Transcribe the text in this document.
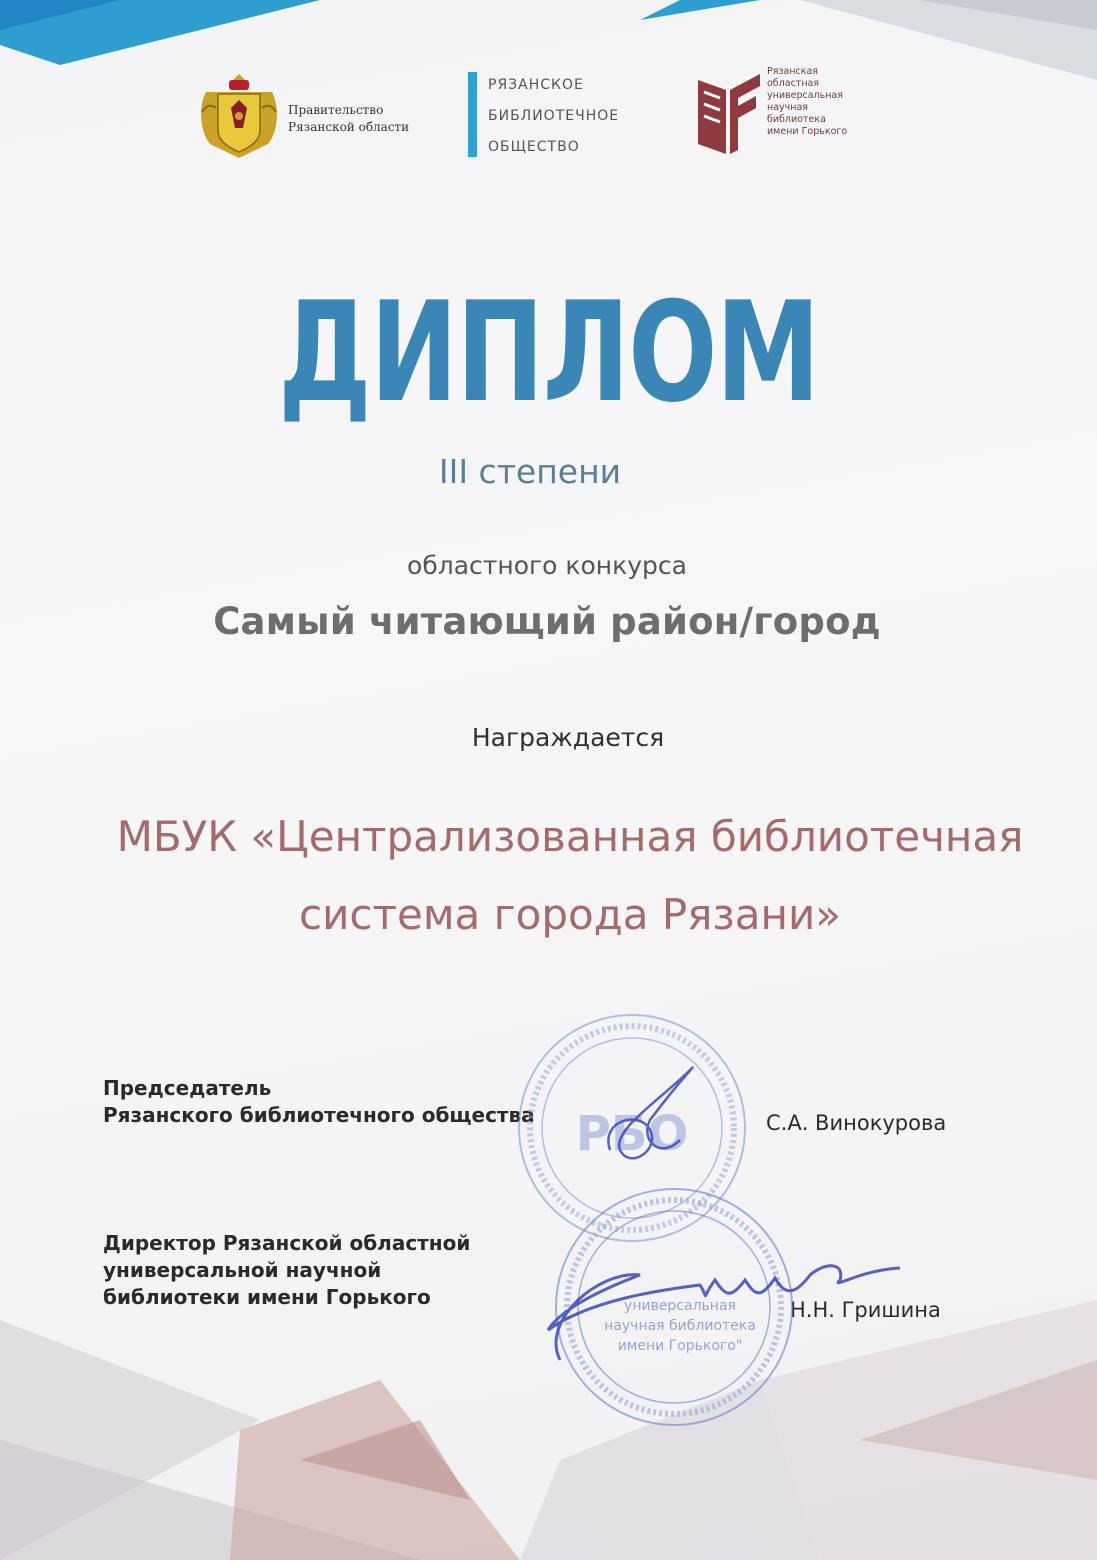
Правительство
Рязанской области
РЯЗАНСКОЕ
БИБЛИОТЕЧНОЕ
ОБЩЕСТВО
Рязанская
областная
универсальная
научная
библиотека
имени Горького
ДИПЛОМ
III степени
областного конкурса
Самый читающий район/город
Награждается
МБУК «Централизованная библиотечная
система города Рязани»
Председатель
Рязанского библиотечного общества	С.А. Винокурова
Директор Рязанской областной
универсальной научной
библиотеки имени Горького
Н.Н. Гришина
РБО
универсальная
научная библиотека
имени Горького"
